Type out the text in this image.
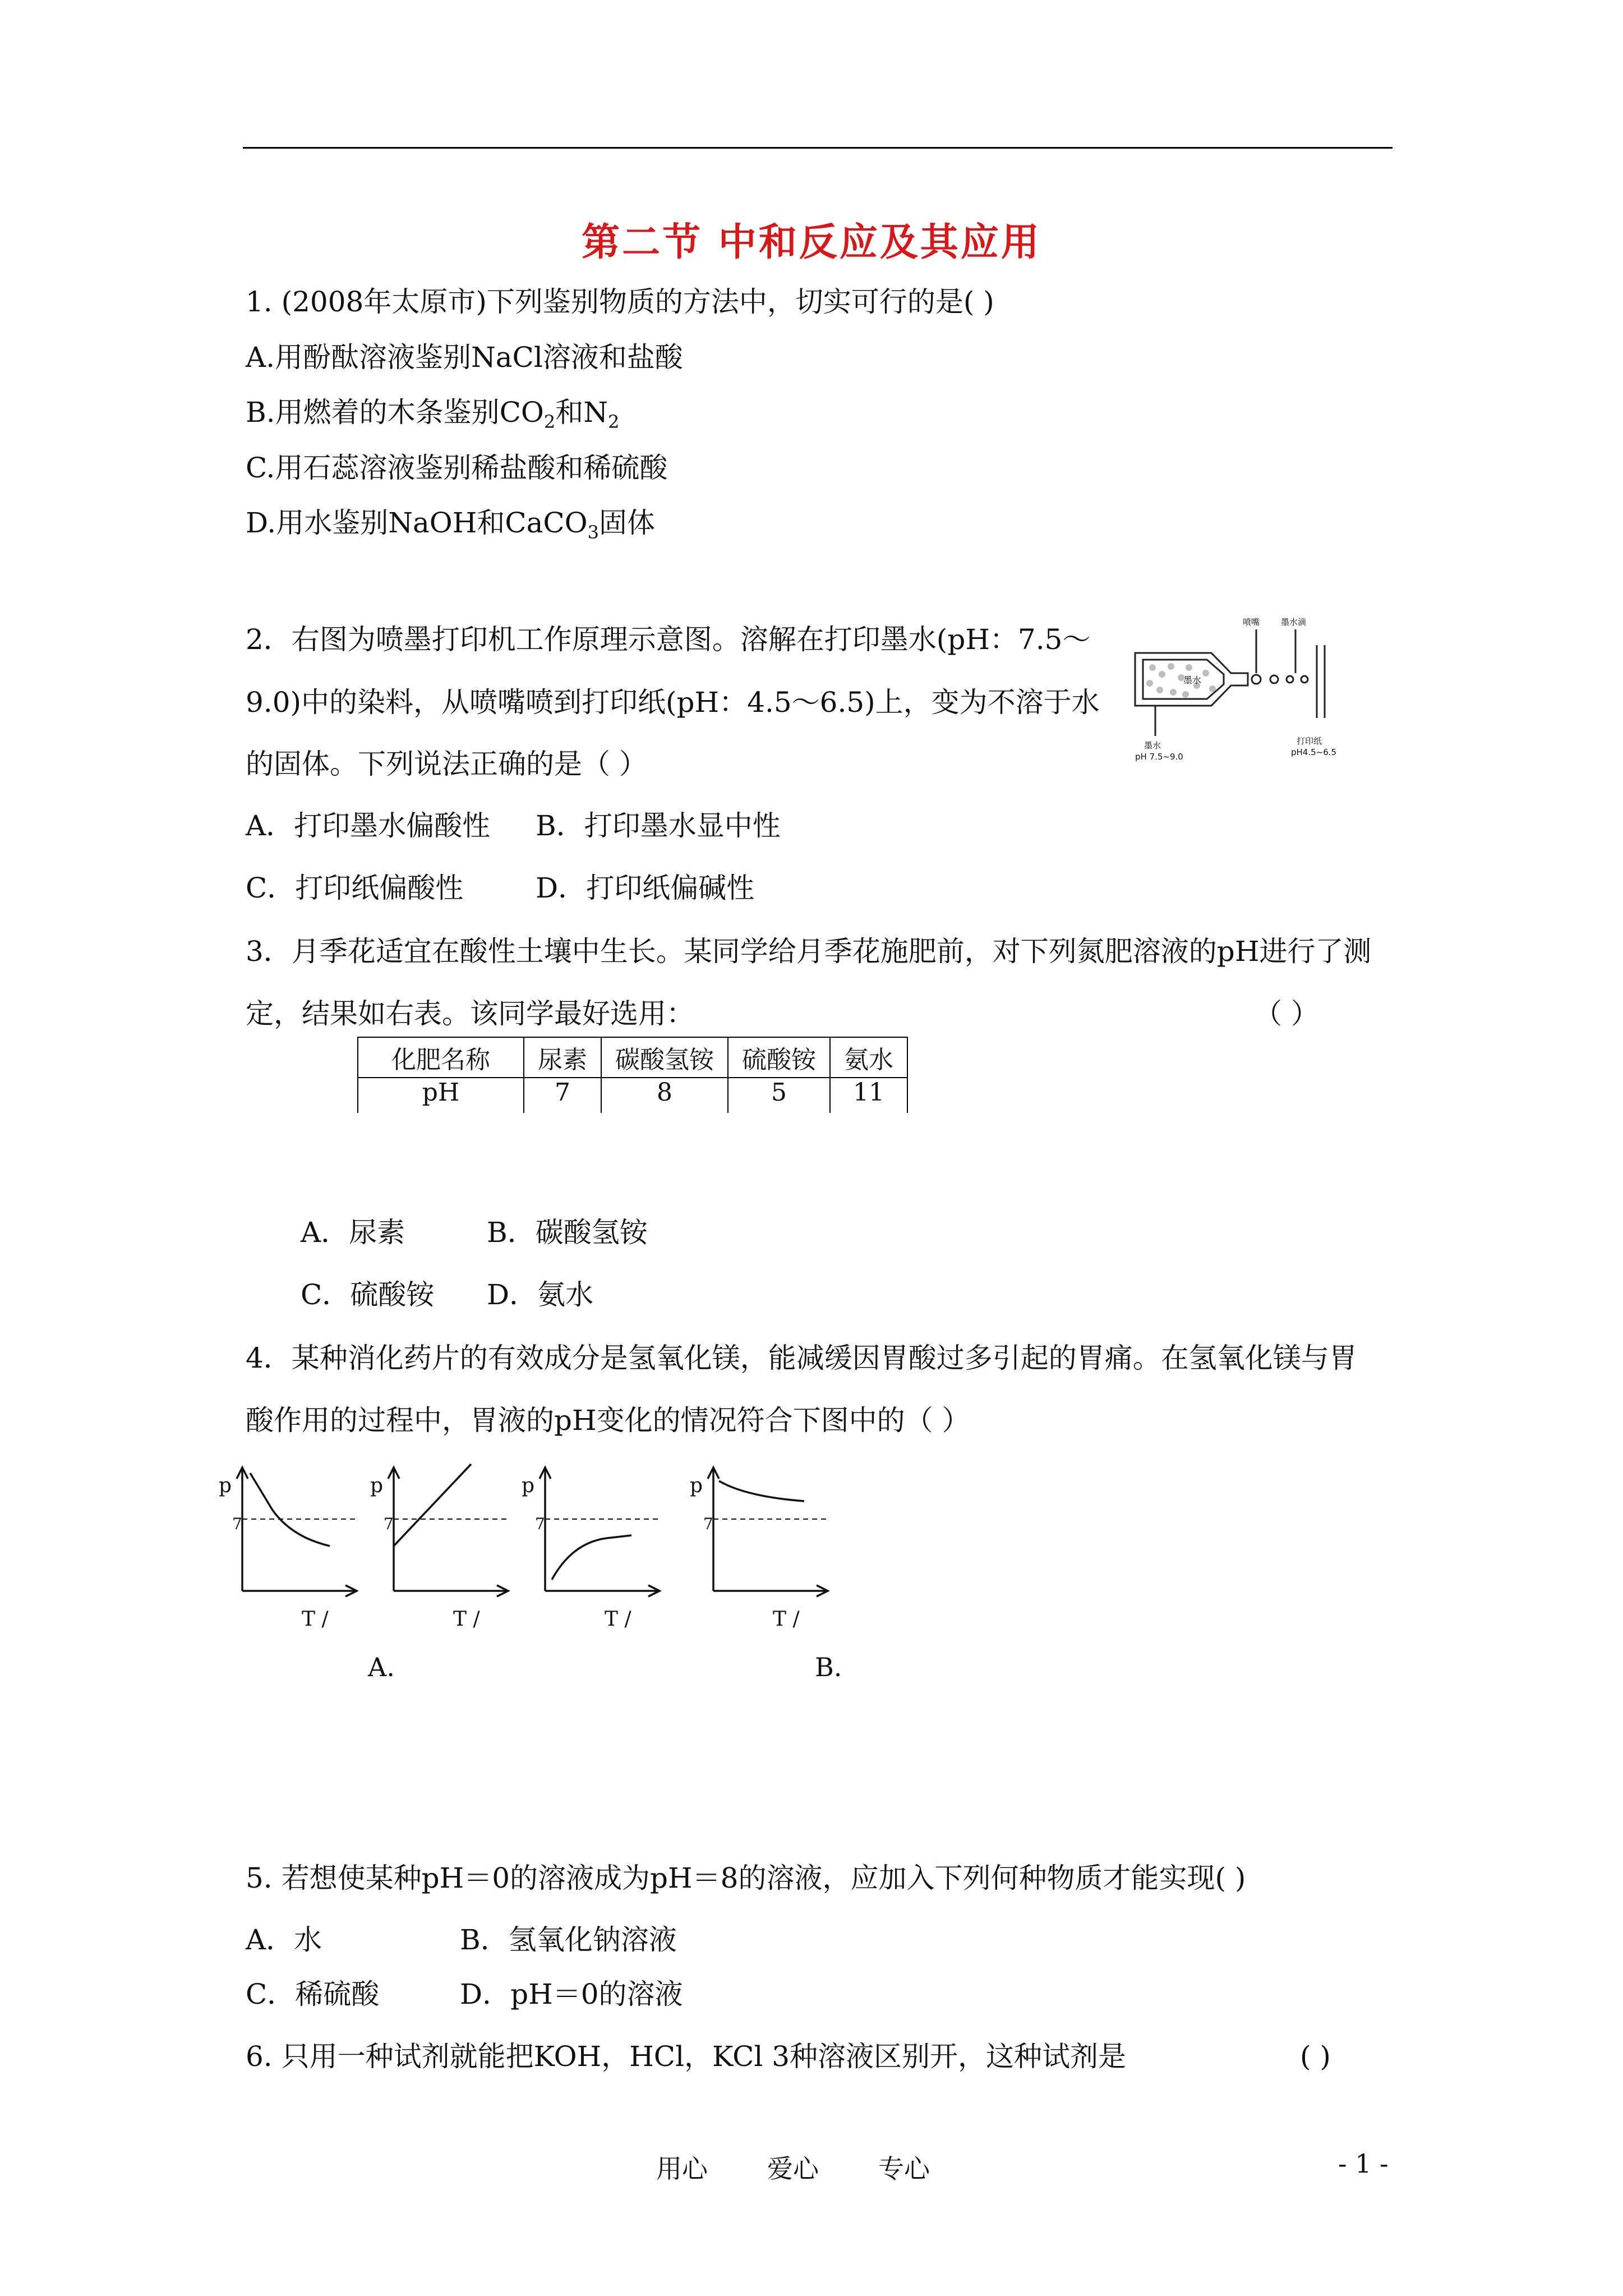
第二节 中和反应及其应用
1. (2008年太原市)下列鉴别物质的方法中，切实可行的是( )
A.用酚酞溶液鉴别NaCl溶液和盐酸
B.用燃着的木条鉴别$CO_2$和$N_2$
C.用石蕊溶液鉴别稀盐酸和稀硫酸
D.用水鉴别NaOH和CaCO$_3$固体
2．右图为喷墨打印机工作原理示意图。溶解在打印墨水(pH：7.5～
9.0)中的染料，从喷嘴喷到打印纸(pH：4.5～6.5)上，变为不溶于水
的固体。下列说法正确的是（ ）
A．打印墨水偏酸性 B．打印墨水显中性
C．打印纸偏酸性	D．打印纸偏碱性
喷嘴	墨水滴
墨水
墨水
pH 7.5~9.0
打印纸
pH4.5~6.5
3．月季花适宜在酸性土壤中生长。某同学给月季花施肥前，对下列氮肥溶液的pH进行了测
定，结果如右表。该同学最好选用：	（ ）
化肥名称	尿素	碳酸氢铵	硫酸铵	氨水
pH	7	8	5	11
A．尿素	B．碳酸氢铵
C．硫酸铵 D．氨水
4．某种消化药片的有效成分是氢氧化镁，能减缓因胃酸过多引起的胃痛。在氢氧化镁与胃
酸作用的过程中，胃液的pH变化的情况符合下图中的（ ）
p
7
T /
p
7
T /
p
7
T /
p
7
T /
A.	B.
5. 若想使某种pH＝0的溶液成为pH＝8的溶液，应加入下列何种物质才能实现( )
A．水	B．氢氧化钠溶液
C．稀硫酸	D．pH＝0的溶液
6. 只用一种试剂就能把KOH，HCl，KCl 3种溶液区别开，这种试剂是	( )
用心 爱心 专心	- 1 -
